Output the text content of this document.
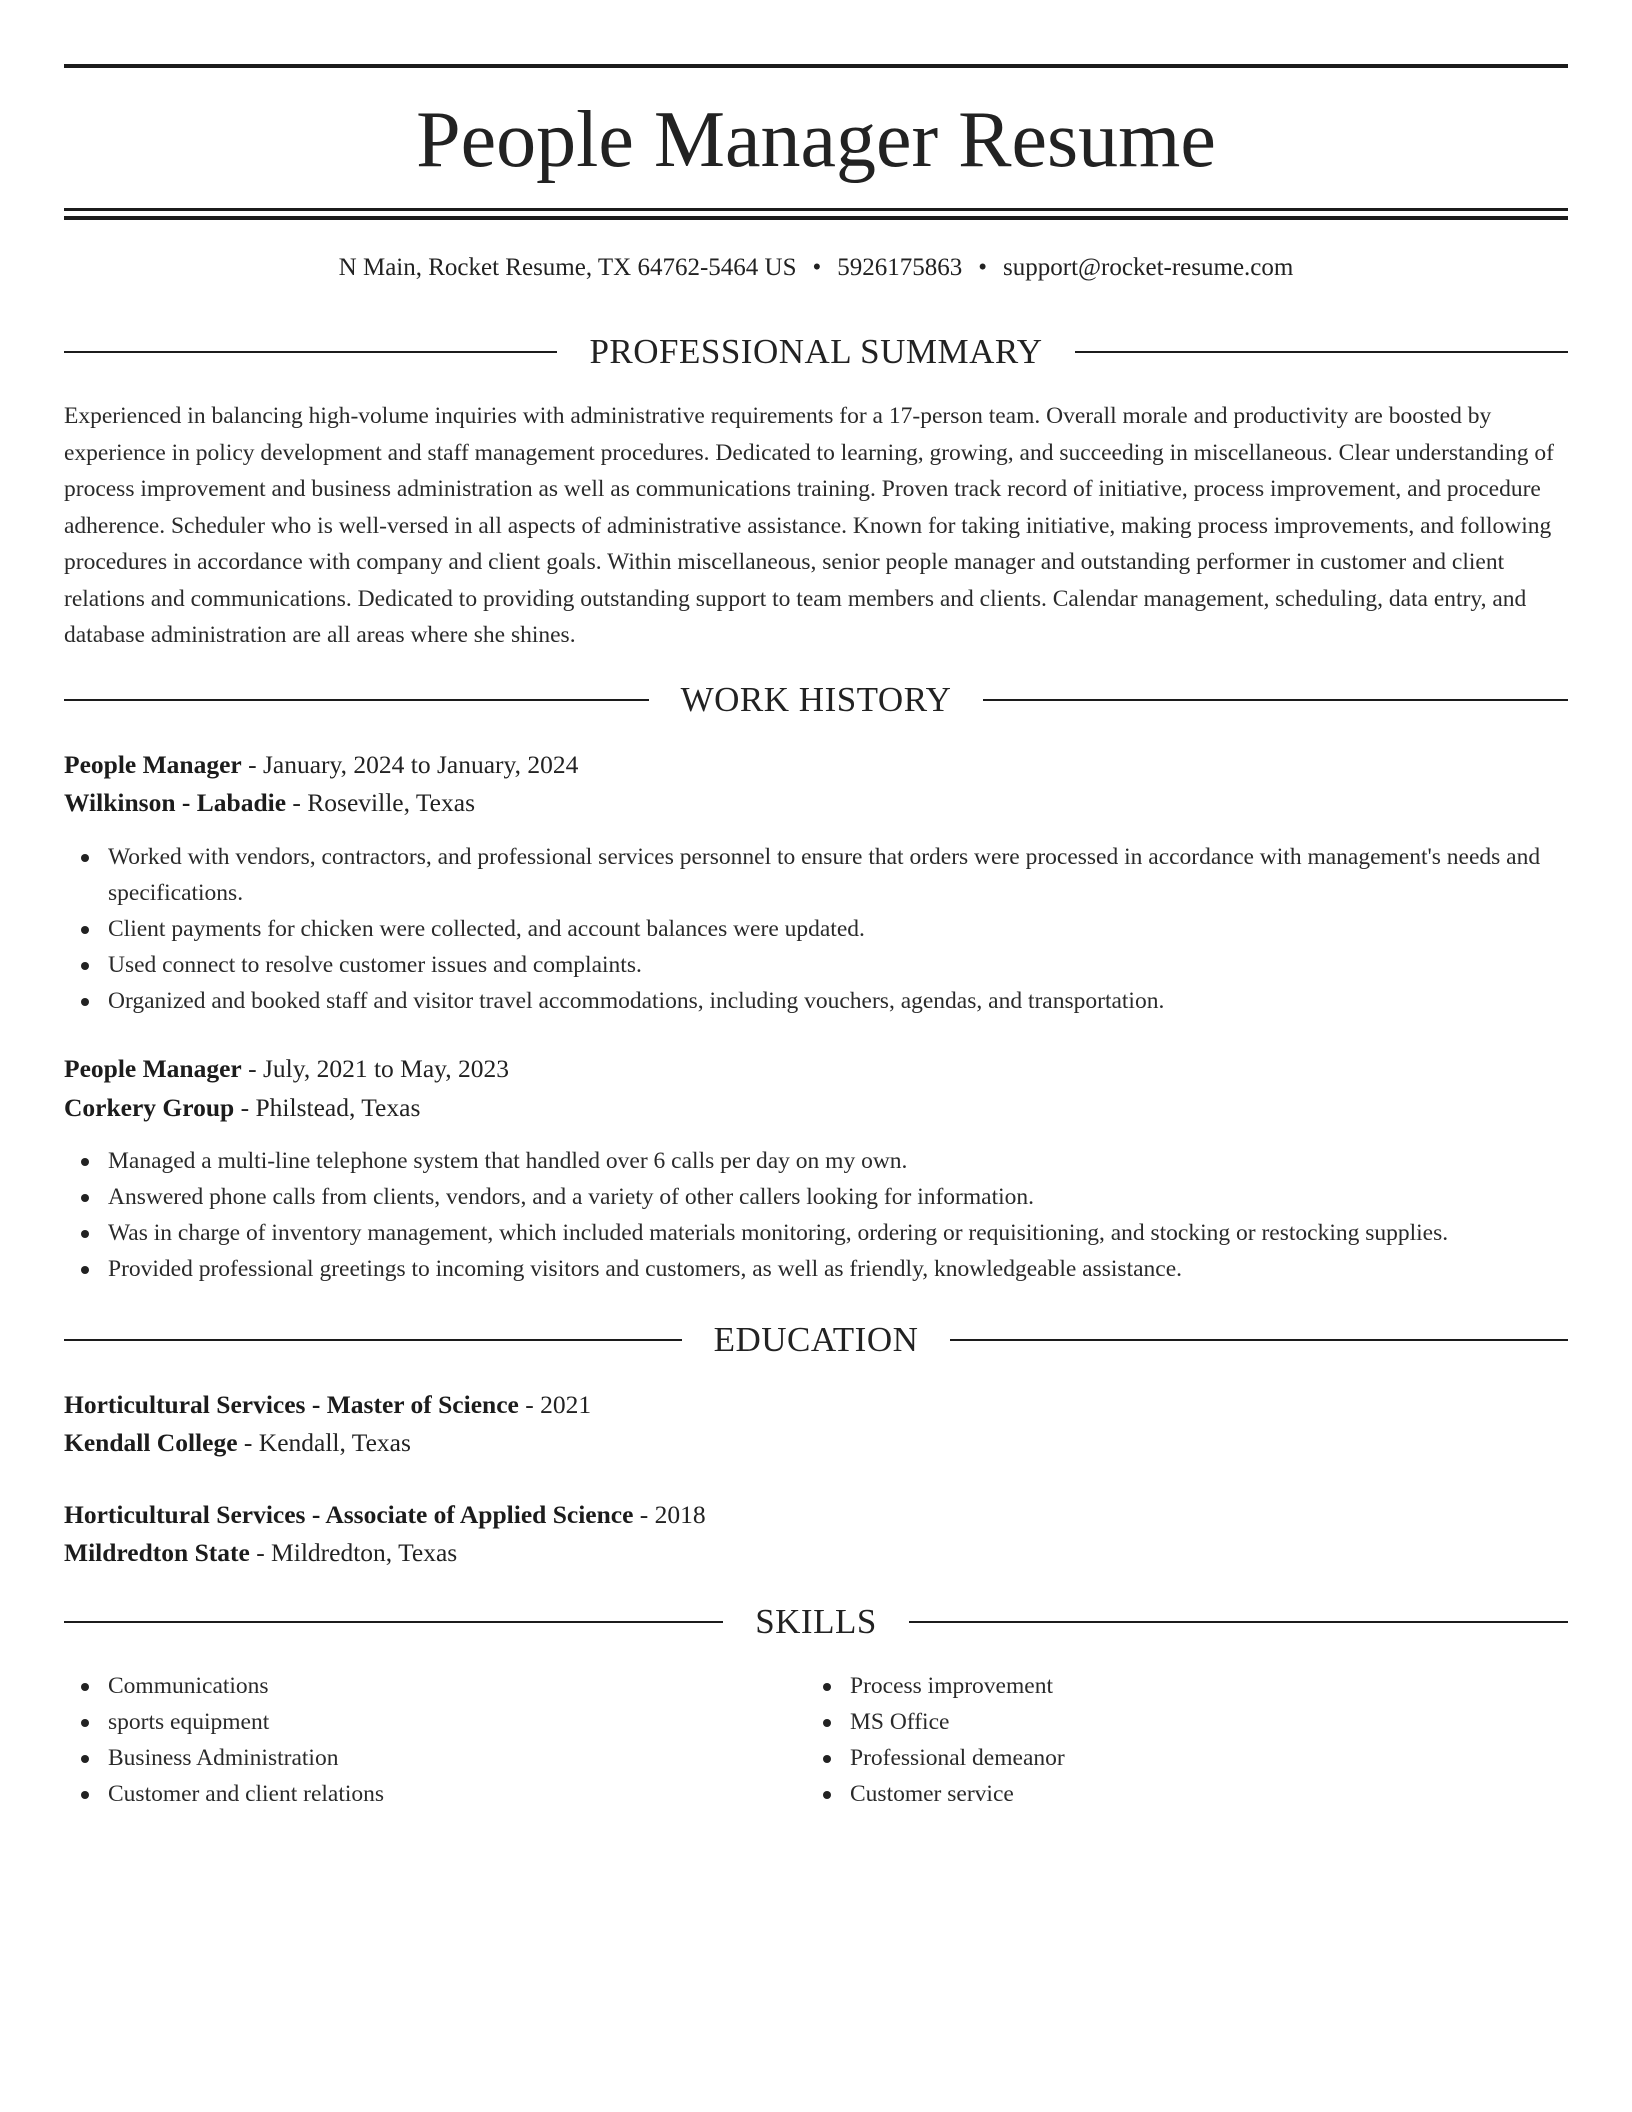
People Manager Resume
N Main, Rocket Resume, TX 64762-5464 US • 5926175863 • support@rocket-resume.com
PROFESSIONAL SUMMARY

Experienced in balancing high-volume inquiries with administrative requirements for a 17-person team. Overall morale and productivity are boosted by experience in policy development and staff management procedures. Dedicated to learning, growing, and succeeding in miscellaneous. Clear understanding of process improvement and business administration as well as communications training. Proven track record of initiative, process improvement, and procedure adherence. Scheduler who is well-versed in all aspects of administrative assistance. Known for taking initiative, making process improvements, and following procedures in accordance with company and client goals. Within miscellaneous, senior people manager and outstanding performer in customer and client relations and communications. Dedicated to providing outstanding support to team members and clients. Calendar management, scheduling, data entry, and database administration are all areas where she shines.

WORK HISTORY
People Manager - January, 2024 to January, 2024
Wilkinson - Labadie - Roseville, Texas
Worked with vendors, contractors, and professional services personnel to ensure that orders were processed in accordance with management's needs and specifications.
Client payments for chicken were collected, and account balances were updated.
Used connect to resolve customer issues and complaints.
Organized and booked staff and visitor travel accommodations, including vouchers, agendas, and transportation.
People Manager - July, 2021 to May, 2023
Corkery Group - Philstead, Texas
Managed a multi-line telephone system that handled over 6 calls per day on my own.
Answered phone calls from clients, vendors, and a variety of other callers looking for information.
Was in charge of inventory management, which included materials monitoring, ordering or requisitioning, and stocking or restocking supplies.
Provided professional greetings to incoming visitors and customers, as well as friendly, knowledgeable assistance.
EDUCATION
Horticultural Services - Master of Science - 2021
Kendall College - Kendall, Texas
Horticultural Services - Associate of Applied Science - 2018
Mildredton State - Mildredton, Texas
SKILLS
Communications
sports equipment
Business Administration
Customer and client relations
Process improvement
MS Office
Professional demeanor
Customer service
